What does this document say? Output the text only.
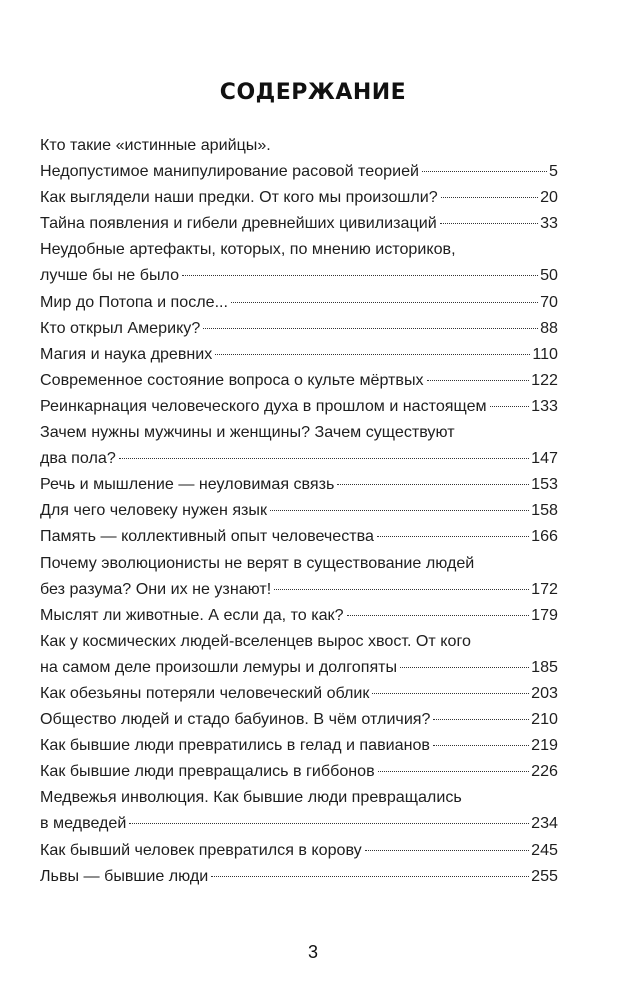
СОДЕРЖАНИЕ
Кто такие «истинные арийцы».
Недопустимое манипулирование расовой теорией	5
Как выглядели наши предки. От кого мы произошли?	20
Тайна появления и гибели древнейших цивилизаций	33
Неудобные артефакты, которых, по мнению историков,
лучше бы не было	50
Мир до Потопа и после...	70
Кто открыл Америку?	88
Магия и наука древних	110
Современное состояние вопроса о культе мёртвых	122
Реинкарнация человеческого духа в прошлом и настоящем	133
Зачем нужны мужчины и женщины? Зачем существуют
два пола?	147
Речь и мышление — неуловимая связь	153
Для чего человеку нужен язык	158
Память — коллективный опыт человечества	166
Почему эволюционисты не верят в существование людей
без разума? Они их не узнают!	172
Мыслят ли животные. А если да, то как?	179
Как у космических людей-вселенцев вырос хвост. От кого
на самом деле произошли лемуры и долгопяты	185
Как обезьяны потеряли человеческий облик	203
Общество людей и стадо бабуинов. В чём отличия?	210
Как бывшие люди превратились в гелад и павианов	219
Как бывшие люди превращались в гиббонов	226
Медвежья инволюция. Как бывшие люди превращались
в медведей	234
Как бывший человек превратился в корову	245
Львы — бывшие люди	255
3
